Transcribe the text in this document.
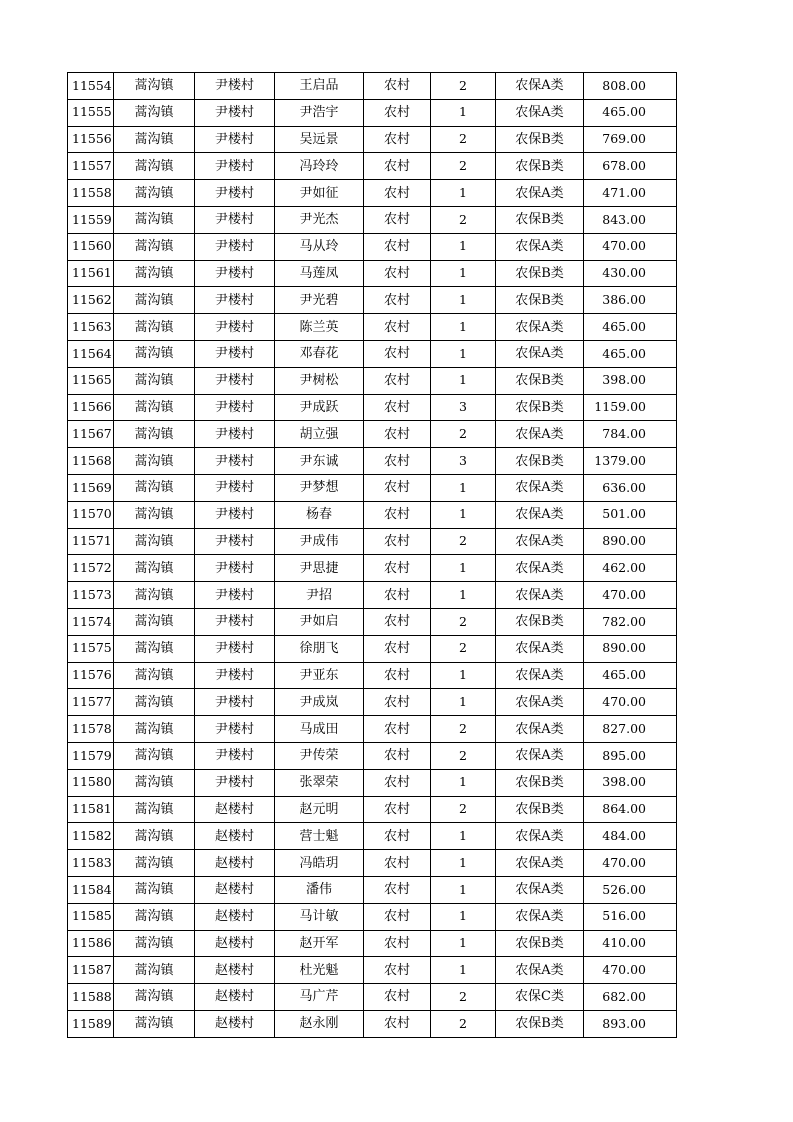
11554	蒿沟镇	尹楼村	王启品	农村	2	农保A类	808.00
11555	蒿沟镇	尹楼村	尹浩宇	农村	1	农保A类	465.00
11556	蒿沟镇	尹楼村	吴远景	农村	2	农保B类	769.00
11557	蒿沟镇	尹楼村	冯玲玲	农村	2	农保B类	678.00
11558	蒿沟镇	尹楼村	尹如征	农村	1	农保A类	471.00
11559	蒿沟镇	尹楼村	尹光杰	农村	2	农保B类	843.00
11560	蒿沟镇	尹楼村	马从玲	农村	1	农保A类	470.00
11561	蒿沟镇	尹楼村	马莲凤	农村	1	农保B类	430.00
11562	蒿沟镇	尹楼村	尹光碧	农村	1	农保B类	386.00
11563	蒿沟镇	尹楼村	陈兰英	农村	1	农保A类	465.00
11564	蒿沟镇	尹楼村	邓春花	农村	1	农保A类	465.00
11565	蒿沟镇	尹楼村	尹树松	农村	1	农保B类	398.00
11566	蒿沟镇	尹楼村	尹成跃	农村	3	农保B类	1159.00
11567	蒿沟镇	尹楼村	胡立强	农村	2	农保A类	784.00
11568	蒿沟镇	尹楼村	尹东诚	农村	3	农保B类	1379.00
11569	蒿沟镇	尹楼村	尹梦想	农村	1	农保A类	636.00
11570	蒿沟镇	尹楼村	杨春	农村	1	农保A类	501.00
11571	蒿沟镇	尹楼村	尹成伟	农村	2	农保A类	890.00
11572	蒿沟镇	尹楼村	尹思捷	农村	1	农保A类	462.00
11573	蒿沟镇	尹楼村	尹招	农村	1	农保A类	470.00
11574	蒿沟镇	尹楼村	尹如启	农村	2	农保B类	782.00
11575	蒿沟镇	尹楼村	徐朋飞	农村	2	农保A类	890.00
11576	蒿沟镇	尹楼村	尹亚东	农村	1	农保A类	465.00
11577	蒿沟镇	尹楼村	尹成岚	农村	1	农保A类	470.00
11578	蒿沟镇	尹楼村	马成田	农村	2	农保A类	827.00
11579	蒿沟镇	尹楼村	尹传荣	农村	2	农保A类	895.00
11580	蒿沟镇	尹楼村	张翠荣	农村	1	农保B类	398.00
11581	蒿沟镇	赵楼村	赵元明	农村	2	农保B类	864.00
11582	蒿沟镇	赵楼村	营士魁	农村	1	农保A类	484.00
11583	蒿沟镇	赵楼村	冯皓玥	农村	1	农保A类	470.00
11584	蒿沟镇	赵楼村	潘伟	农村	1	农保A类	526.00
11585	蒿沟镇	赵楼村	马计敏	农村	1	农保A类	516.00
11586	蒿沟镇	赵楼村	赵开军	农村	1	农保B类	410.00
11587	蒿沟镇	赵楼村	杜光魁	农村	1	农保A类	470.00
11588	蒿沟镇	赵楼村	马广芹	农村	2	农保C类	682.00
11589	蒿沟镇	赵楼村	赵永刚	农村	2	农保B类	893.00
